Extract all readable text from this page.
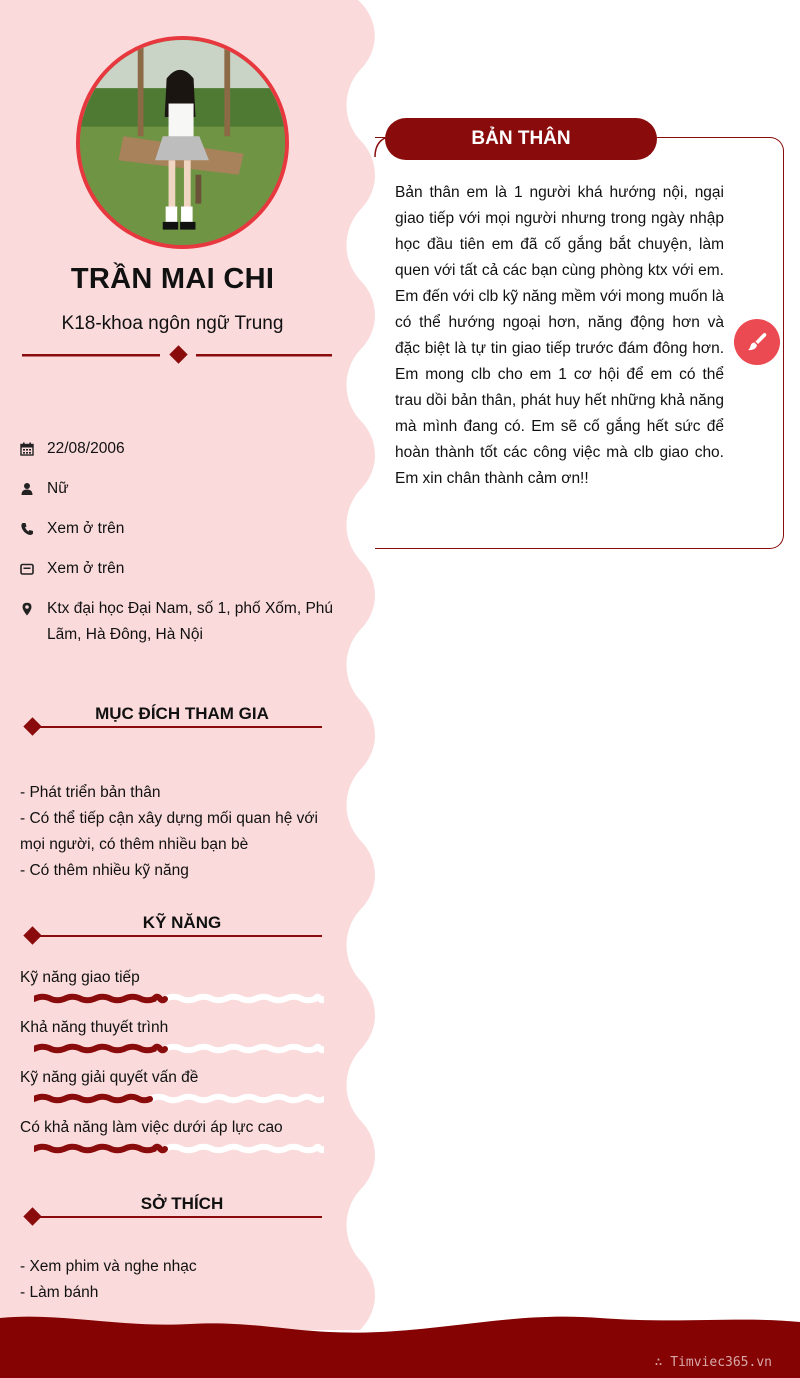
TRẦN MAI CHI
K18-khoa ngôn ngữ Trung
22/08/2006
Nữ
Xem ở trên
Xem ở trên
Ktx đại học Đại Nam, số 1, phố Xốm, Phú Lãm, Hà Đông, Hà Nội
MỤC ĐÍCH THAM GIA
- Phát triển bản thân
- Có thể tiếp cận xây dựng mối quan hệ với mọi người, có thêm nhiều bạn bè
- Có thêm nhiều kỹ năng
KỸ NĂNG
Kỹ năng giao tiếp
Khả năng thuyết trình
Kỹ năng giải quyết vấn đề
Có khả năng làm việc dưới áp lực cao
SỞ THÍCH
- Xem phim và nghe nhạc
- Làm bánh
BẢN THÂN
Bản thân em là 1 người khá hướng nội, ngại giao tiếp với mọi người nhưng trong ngày nhập học đầu tiên em đã cố gắng bắt chuyện, làm quen với tất cả các bạn cùng phòng ktx với em. Em đến với clb kỹ năng mềm với mong muốn là có thể hướng ngoại hơn, năng động hơn và đặc biệt là tự tin giao tiếp trước đám đông hơn. Em mong clb cho em 1 cơ hội để em có thể trau dồi bản thân, phát huy hết những khả năng mà mình đang có. Em sẽ cố gắng hết sức để hoàn thành tốt các công việc mà clb giao cho. Em xin chân thành cảm ơn!!
∴ Timviec365.vn
